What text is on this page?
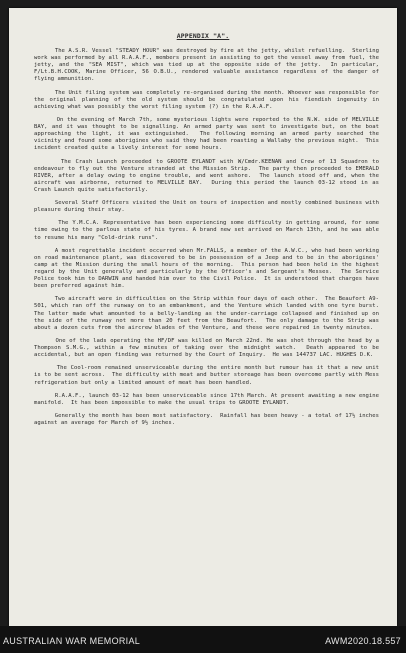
APPENDIX "A".

The A.S.R. Vessel "STEADY HOUR" was destroyed by fire at the jetty, whilst refuelling.  Sterling work was performed by all R.A.A.F., members present in assisting to get the vessel away from fuel, the jetty, and the "SEA MIST", which was tied up at the opposite side of the jetty.  In particular, F/Lt.B.H.COOK, Marine Officer, 56 O.B.U., rendered valuable assistance regardless of the danger of flying ammunition.

The Unit filing system was completely re-organised during the month. Whoever was responsible for the original planning of the old system should be congratulated upon his fiendish ingenuity in achieving what was possibly the worst filing system (?) in the R.A.A.F.

On the evening of March 7th, some mysterious lights were reported to the N.W. side of MELVILLE BAY, and it was thought to be signalling. An armed party was sent to investigate but, on the boat approaching the light, it was extinguished.  The following morning an armed party searched the vicinity and found some aborigines who said they had been roasting a Wallaby the previous night.  This incident created quite a lively interest for some hours.

The Crash Launch proceeded to GROOTE EYLANDT with W/Cmdr.KEENAN and Crew of 13 Squadron to endeavour to fly out the Venture stranded at the Mission Strip.  The party then proceeded to EMERALD RIVER, after a delay owing to engine trouble, and went ashore.  The launch stood off and, when the aircraft was airborne, returned to MELVILLE BAY.  During this period the launch 03-12 stood in as Crash Launch quite satisfactorily.

Several Staff Officers visited the Unit on tours of inspection and mostly combined business with pleasure during their stay.

The Y.M.C.A. Representative has been experiencing some difficulty in getting around, for some time owing to the parlous state of his tyres. A brand new set arrived on March 13th, and he was able to resume his many "Cold-drink runs".

A most regrettable incident occurred when Mr.FALLS, a member of the A.W.C., who had been working on road maintenance plant, was discovered to be in possession of a Jeep and to be in the aborigines' camp at the Mission during the small hours of the morning.  This person had been held in the highest regard by the Unit generally and particularly by the Officer's and Sergeant's Messes.  The Service Police took him to DARWIN and handed him over to the Civil Police.  It is understood that charges have been preferred against him.

Two aircraft were in difficulties on the Strip within four days of each other.  The Beaufort A9-501, which ran off the runway on to an embankment, and the Venture which landed with one tyre burst.  The latter made what amounted to a belly-landing as the under-carriage collapsed and finished up on the side of the runway not more than 20 feet from the Beaufort.  The only damage to the Strip was about a dozen cuts from the aircrew blades of the Venture, and these were repaired in twenty minutes.

One of the lads operating the HF/DF was killed on March 22nd. He was shot through the head by a Thompson S.M.G., within a few minutes of taking over the midnight watch.  Death appeared to be accidental, but an open finding was returned by the Court of Inquiry.  He was 144737 LAC. HUGHES D.K.

The Cool-room remained unserviceable during the entire month but rumour has it that a new unit is to be sent across.  The difficulty with meat and butter storeage has been overcome partly with Mess refrigeration but only a limited amount of meat has been handled.

R.A.A.F., launch 03-12 has been unserviceable since 17th March. At present awaiting a new engine manifold.  It has been impossible to make the usual trips to GROOTE EYLANDT.

Generally the month has been most satisfactory.  Rainfall has been heavy - a total of 17½ inches against an average for March of 9½ inches.

AUSTRALIAN WAR MEMORIAL	AWM2020.18.557
